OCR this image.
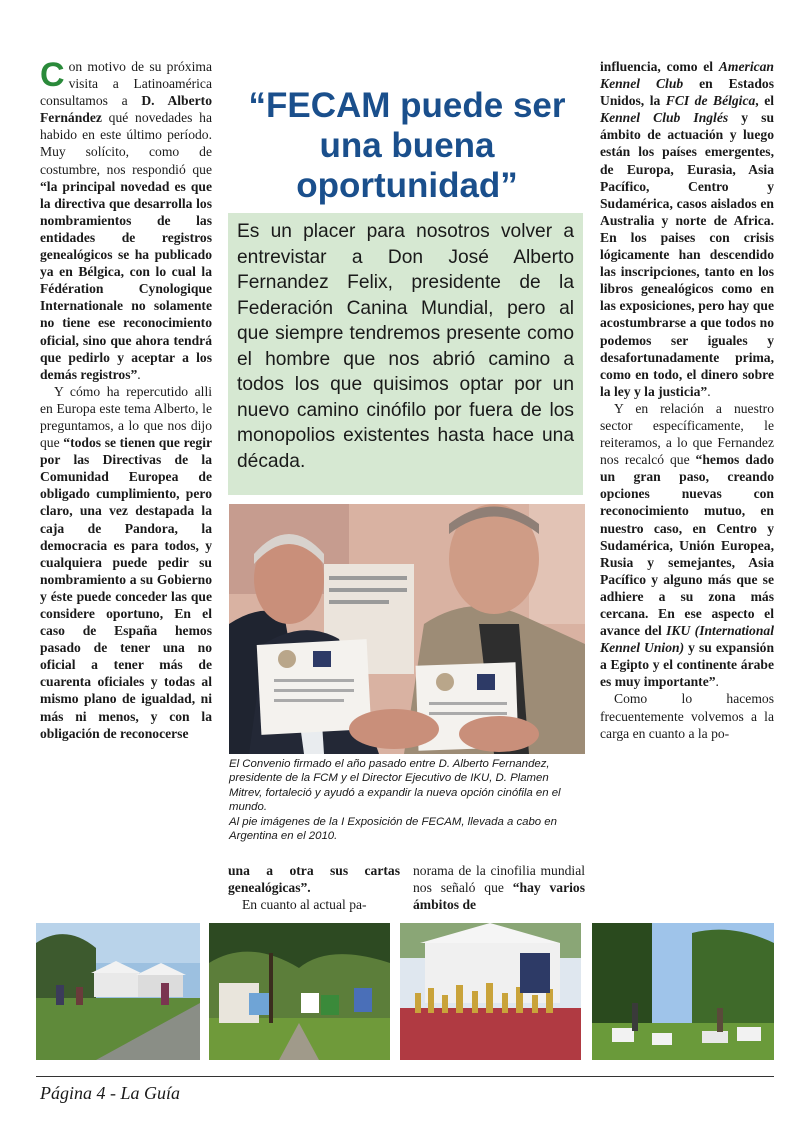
Con motivo de su próxima visita a Latinoamérica consultamos a D. Alberto Fernández qué novedades ha habido en este último período. Muy solícito, como de costumbre, nos respondió que “la principal novedad es que la directiva que desarrolla los nombramientos de las entidades de registros genealógicos se ha publicado ya en Bélgica, con lo cual la Fédération Cynologique Internationale no solamente no tiene ese reconocimiento oficial, sino que ahora tendrá que pedirlo y aceptar a los demás registros”.

Y cómo ha repercutido alli en Europa este tema Alberto, le preguntamos, a lo que nos dijo que “todos se tienen que regir por las Directivas de la Comunidad Europea de obligado cumplimiento, pero claro, una vez destapada la caja de Pandora, la democracia es para todos, y cualquiera puede pedir su nombramiento a su Gobierno y éste puede conceder las que considere oportuno, En el caso de España hemos pasado de tener una no oficial a tener más de cuarenta oficiales y todas al mismo plano de igualdad, ni más ni menos, y con la obligación de reconocerse

“FECAM puede ser una buena oportunidad”
Es un placer para nosotros volver a entrevistar a Don José Alberto Fernandez Felix, presidente de la Federación Canina Mundial, pero al que siempre tendremos presente como el hombre que nos abrió camino a todos los que quisimos optar por un nuevo camino cinófilo por fuera de los monopolios existentes hasta hace una década.

El Convenio firmado el año pasado entre D. Alberto Fernandez, presidente de la FCM y el Director Ejecutivo de IKU, D. Plamen Mitrev, fortaleció y ayudó a expandir la nueva opción cinófila en el mundo.

Al pie imágenes de la I Exposición de FECAM, llevada a cabo en Argentina en el 2010.

una a otra sus cartas genealógicas”.

En cuanto al actual pa-

norama de la cinofilia mundial nos señaló que “hay varios ámbitos de

influencia, como el American Kennel Club en Estados Unidos, la FCI de Bélgica, el Kennel Club Inglés y su ámbito de actuación y luego están los países emergentes, de Europa, Eurasia, Asia Pacífico, Centro y Sudamérica, casos aislados en Australia y norte de Africa. En los paises con crisis lógicamente han descendido las inscripciones, tanto en los libros genealógicos como en las exposiciones, pero hay que acostumbrarse a que todos no podemos ser iguales y desafortunadamente prima, como en todo, el dinero sobre la ley y la justicia”.

Y en relación a nuestro sector específicamente, le reiteramos, a lo que Fernandez nos recalcó que “hemos dado un gran paso, creando opciones nuevas con reconocimiento mutuo, en nuestro caso, en Centro y Sudamérica, Unión Europea, Rusia y semejantes, Asia Pacífico y alguno más que se adhiere a su zona más cercana. En ese aspecto el avance del IKU (International Kennel Union) y su expansión a Egipto y el continente árabe es muy importante”.

Como lo hacemos frecuentemente volvemos a la carga en cuanto a la po-

Página 4 - La Guía
